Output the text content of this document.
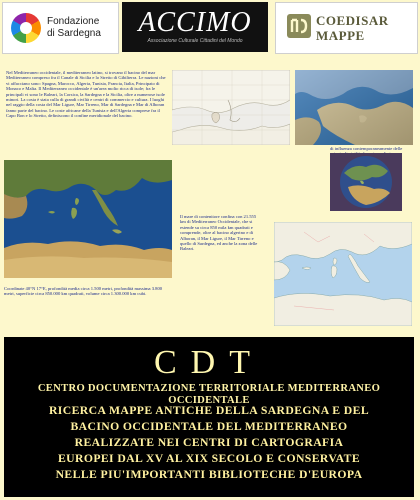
Fondazione
di Sardegna	ACCIMO
Associazione Culturale Cittadini del Mondo
COEDISAR
MAPPE
Nel Mediterraneo occidentale, il mediterraneo latino, si trovano il bacino del mar Mediterraneo compreso fra il Canale di Sicilia e lo Stretto di Gibilterra. Le nazioni che vi affacciano sono: Spagna, Marocco, Algeria, Tunisia, Francia, Italia, Principato di Monaco e Malta. Il Mediterraneo occidentale è un'area molto ricca di isole; fra le principali vi sono le Baleari, la Corsica, la Sardegna e la Sicilia, oltre a numerose isole minori. La costa è stata culla di grandi civiltà e centri di commercio e cultura. I luoghi nel raggio della costa del Mar Ligure, Mar Tirreno, Mar di Sardegna e Mar di Alboran fanno parte del bacino. Le coste africane della Tunisia e dell'Algeria comprese fra il Capo Bon e lo Stretto, definiscono il confine meridionale del bacino.
di influenza contemporaneamente delle
Il mare di contenitore confina con 21.555 km di Mediterraneo Occidentale, che si estende su circa 850 mila km quadrati e comprende, oltre al bacino algerino e di Alboran, il Mar Ligure, il Mar Tirreno e quello di Sardegna, ed anche la zona delle Baleari.
Coordinate 40°N 17°E, profondità media circa 1.500 metri, profondità massima 3.800 metri, superficie circa 850.000 km quadrati, volume circa 1.300.000 km cubi.
CDT
CENTRO DOCUMENTAZIONE TERRITORIALE MEDITERRANEO OCCIDENTALE
RICERCA MAPPE ANTICHE DELLA SARDEGNA E DEL
BACINO OCCIDENTALE DEL MEDITERRANEO
REALIZZATE NEI CENTRI DI CARTOGRAFIA
EUROPEI DAL XV AL XIX SECOLO E CONSERVATE
NELLE PIU'IMPORTANTI BIBLIOTECHE D'EUROPA
